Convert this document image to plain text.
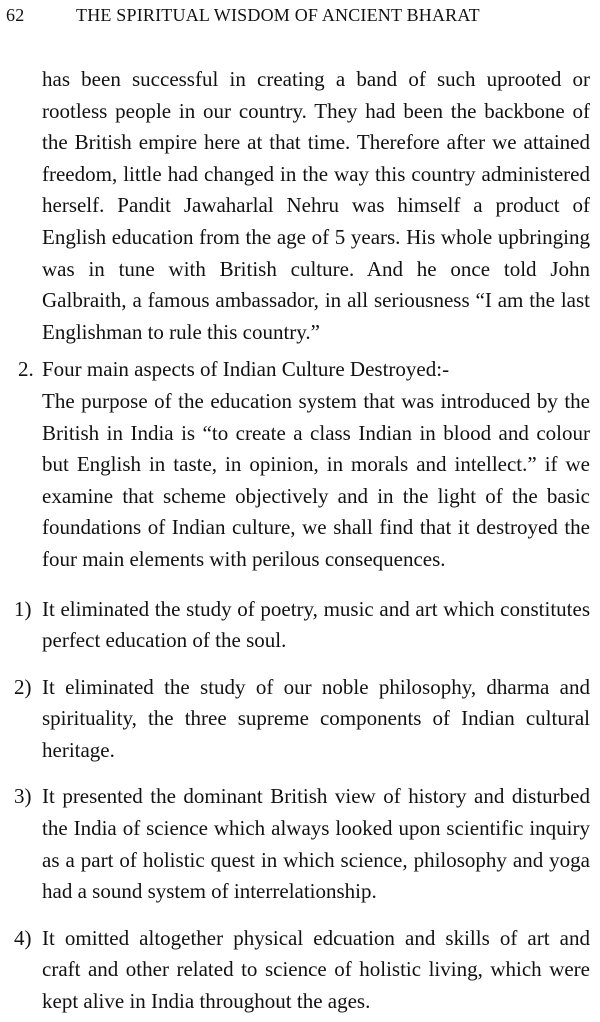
62	THE SPIRITUAL WISDOM OF ANCIENT BHARAT

has been successful in creating a band of such uprooted or rootless people in our country. They had been the backbone of the British empire here at that time. Therefore after we attained freedom, little had changed in the way this country administered herself. Pandit Jawaharlal Nehru was himself a product of English education from the age of 5 years. His whole upbringing was in tune with British culture. And he once told John Galbraith, a famous ambassador, in all seriousness “I am the last Englishman to rule this country.”

2. Four main aspects of Indian Culture Destroyed:-

The purpose of the education system that was introduced by the British in India is “to create a class Indian in blood and colour but English in taste, in opinion, in morals and intellect.” if we examine that scheme objectively and in the light of the basic foundations of Indian culture, we shall find that it destroyed the four main elements with perilous consequences.

1) It eliminated the study of poetry, music and art which constitutes perfect education of the soul.
2) It eliminated the study of our noble philosophy, dharma and spirituality, the three supreme components of Indian cultural heritage.
3) It presented the dominant British view of history and disturbed the India of science which always looked upon scientific inquiry as a part of holistic quest in which science, philosophy and yoga had a sound system of interrelationship.
4) It omitted altogether physical edcuation and skills of art and craft and other related to science of holistic living, which were kept alive in India throughout the ages.
